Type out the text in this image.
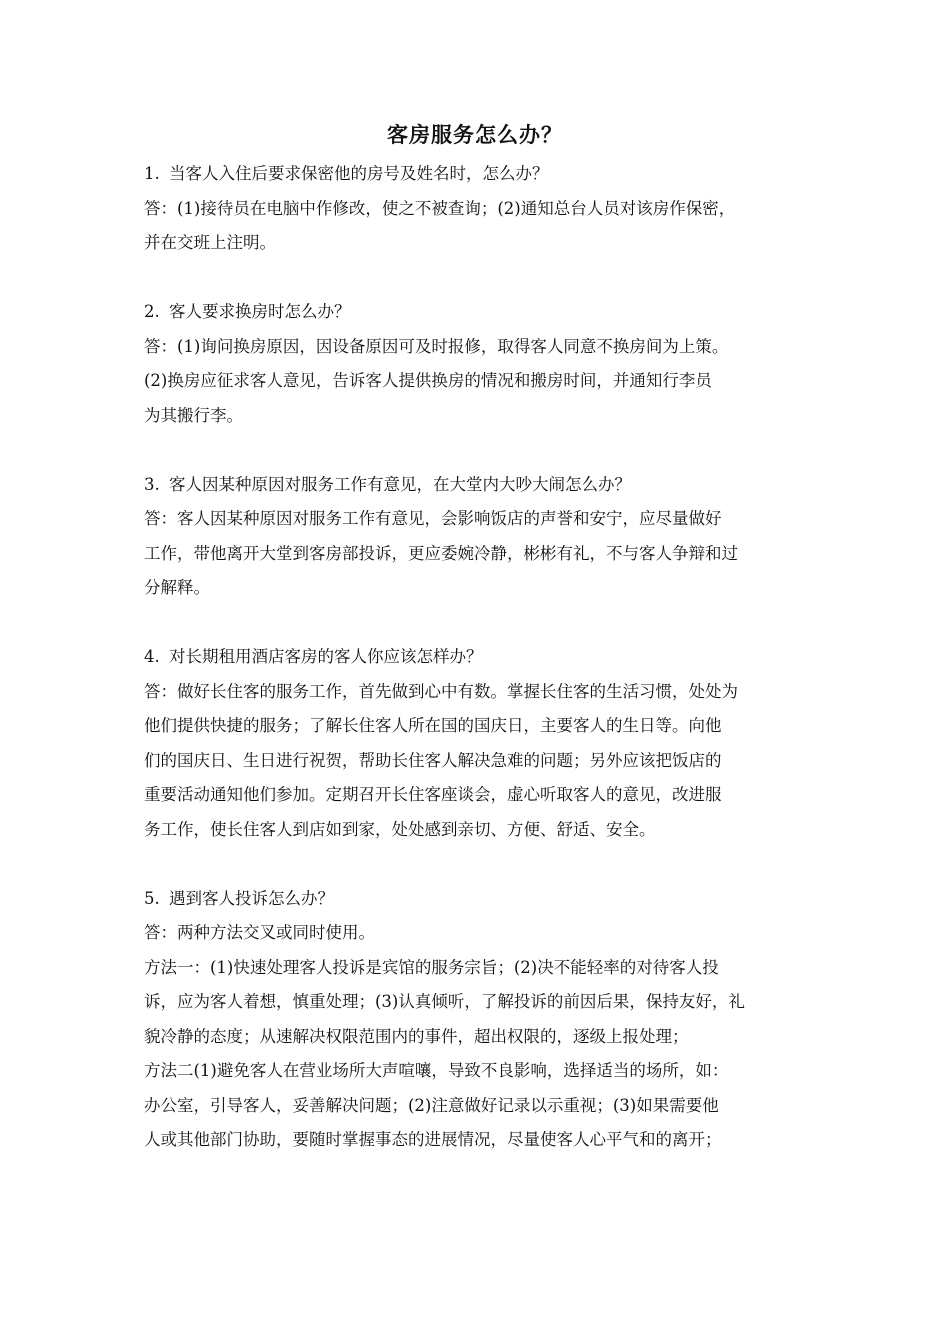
客房服务怎么办？
1. 当客人入住后要求保密他的房号及姓名时，怎么办？
答：(1)接待员在电脑中作修改，使之不被查询；(2)通知总台人员对该房作保密，
并在交班上注明。
2. 客人要求换房时怎么办？
答：(1)询问换房原因，因设备原因可及时报修，取得客人同意不换房间为上策。
(2)换房应征求客人意见，告诉客人提供换房的情况和搬房时间，并通知行李员
为其搬行李。
3. 客人因某种原因对服务工作有意见，在大堂内大吵大闹怎么办？
答：客人因某种原因对服务工作有意见，会影响饭店的声誉和安宁，应尽量做好
工作，带他离开大堂到客房部投诉，更应委婉冷静，彬彬有礼，不与客人争辩和过
分解释。
4. 对长期租用酒店客房的客人你应该怎样办？
答：做好长住客的服务工作，首先做到心中有数。掌握长住客的生活习惯，处处为
他们提供快捷的服务；了解长住客人所在国的国庆日，主要客人的生日等。向他
们的国庆日、生日进行祝贺，帮助长住客人解决急难的问题；另外应该把饭店的
重要活动通知他们参加。定期召开长住客座谈会，虚心听取客人的意见，改进服
务工作，使长住客人到店如到家，处处感到亲切、方便、舒适、安全。
5. 遇到客人投诉怎么办？
答：两种方法交叉或同时使用。
方法一：(1)快速处理客人投诉是宾馆的服务宗旨；(2)决不能轻率的对待客人投
诉，应为客人着想，慎重处理；(3)认真倾听，了解投诉的前因后果，保持友好，礼
貌冷静的态度；从速解决权限范围内的事件，超出权限的，逐级上报处理；
方法二(1)避免客人在营业场所大声喧嚷，导致不良影响，选择适当的场所，如：
办公室，引导客人，妥善解决问题；(2)注意做好记录以示重视；(3)如果需要他
人或其他部门协助，要随时掌握事态的进展情况，尽量使客人心平气和的离开；
